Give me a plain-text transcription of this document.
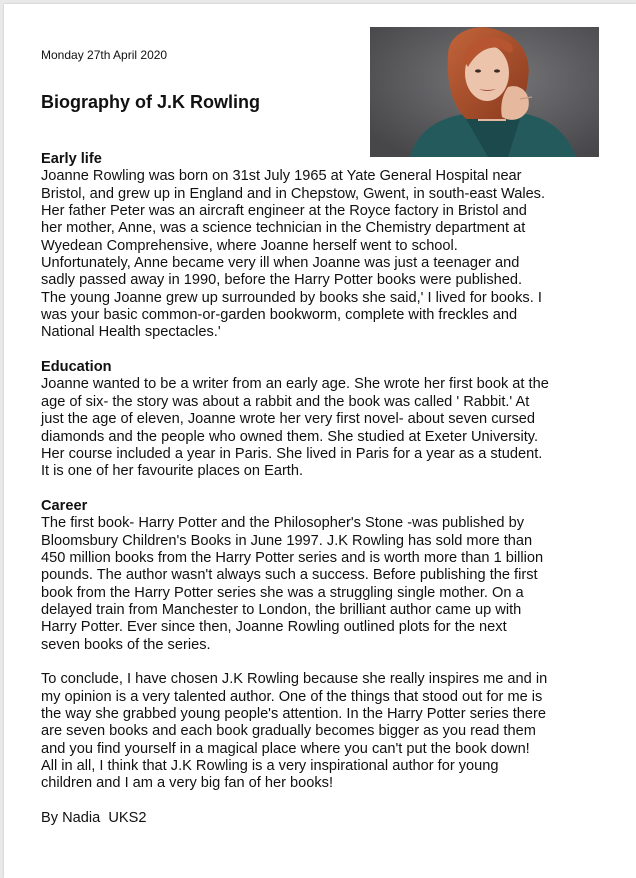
Monday 27th April 2020
Biography of J.K Rowling
Early life

Joanne Rowling was born on 31st July 1965 at Yate General Hospital near
Bristol, and grew up in England and in Chepstow, Gwent, in south-east Wales.
Her father Peter was an aircraft engineer at the Royce factory in Bristol and
her mother, Anne, was a science technician in the Chemistry department at
Wyedean Comprehensive, where Joanne herself went to school.
Unfortunately, Anne became very ill when Joanne was just a teenager and
sadly passed away in 1990, before the Harry Potter books were published.
The young Joanne grew up surrounded by books she said,' I lived for books. I
was your basic common-or-garden bookworm, complete with freckles and
National Health spectacles.'

Education

Joanne wanted to be a writer from an early age. She wrote her first book at the
age of six- the story was about a rabbit and the book was called ' Rabbit.' At
just the age of eleven, Joanne wrote her very first novel- about seven cursed
diamonds and the people who owned them. She studied at Exeter University.
Her course included a year in Paris. She lived in Paris for a year as a student.
It is one of her favourite places on Earth.

Career

The first book- Harry Potter and the Philosopher's Stone -was published by
Bloomsbury Children's Books in June 1997. J.K Rowling has sold more than
450 million books from the Harry Potter series and is worth more than 1 billion
pounds. The author wasn't always such a success. Before publishing the first
book from the Harry Potter series she was a struggling single mother. On a
delayed train from Manchester to London, the brilliant author came up with
Harry Potter. Ever since then, Joanne Rowling outlined plots for the next
seven books of the series.

To conclude, I have chosen J.K Rowling because she really inspires me and in
my opinion is a very talented author. One of the things that stood out for me is
the way she grabbed young people's attention. In the Harry Potter series there
are seven books and each book gradually becomes bigger as you read them
and you find yourself in a magical place where you can't put the book down!
All in all, I think that J.K Rowling is a very inspirational author for young
children and I am a very big fan of her books!

By Nadia  UKS2
